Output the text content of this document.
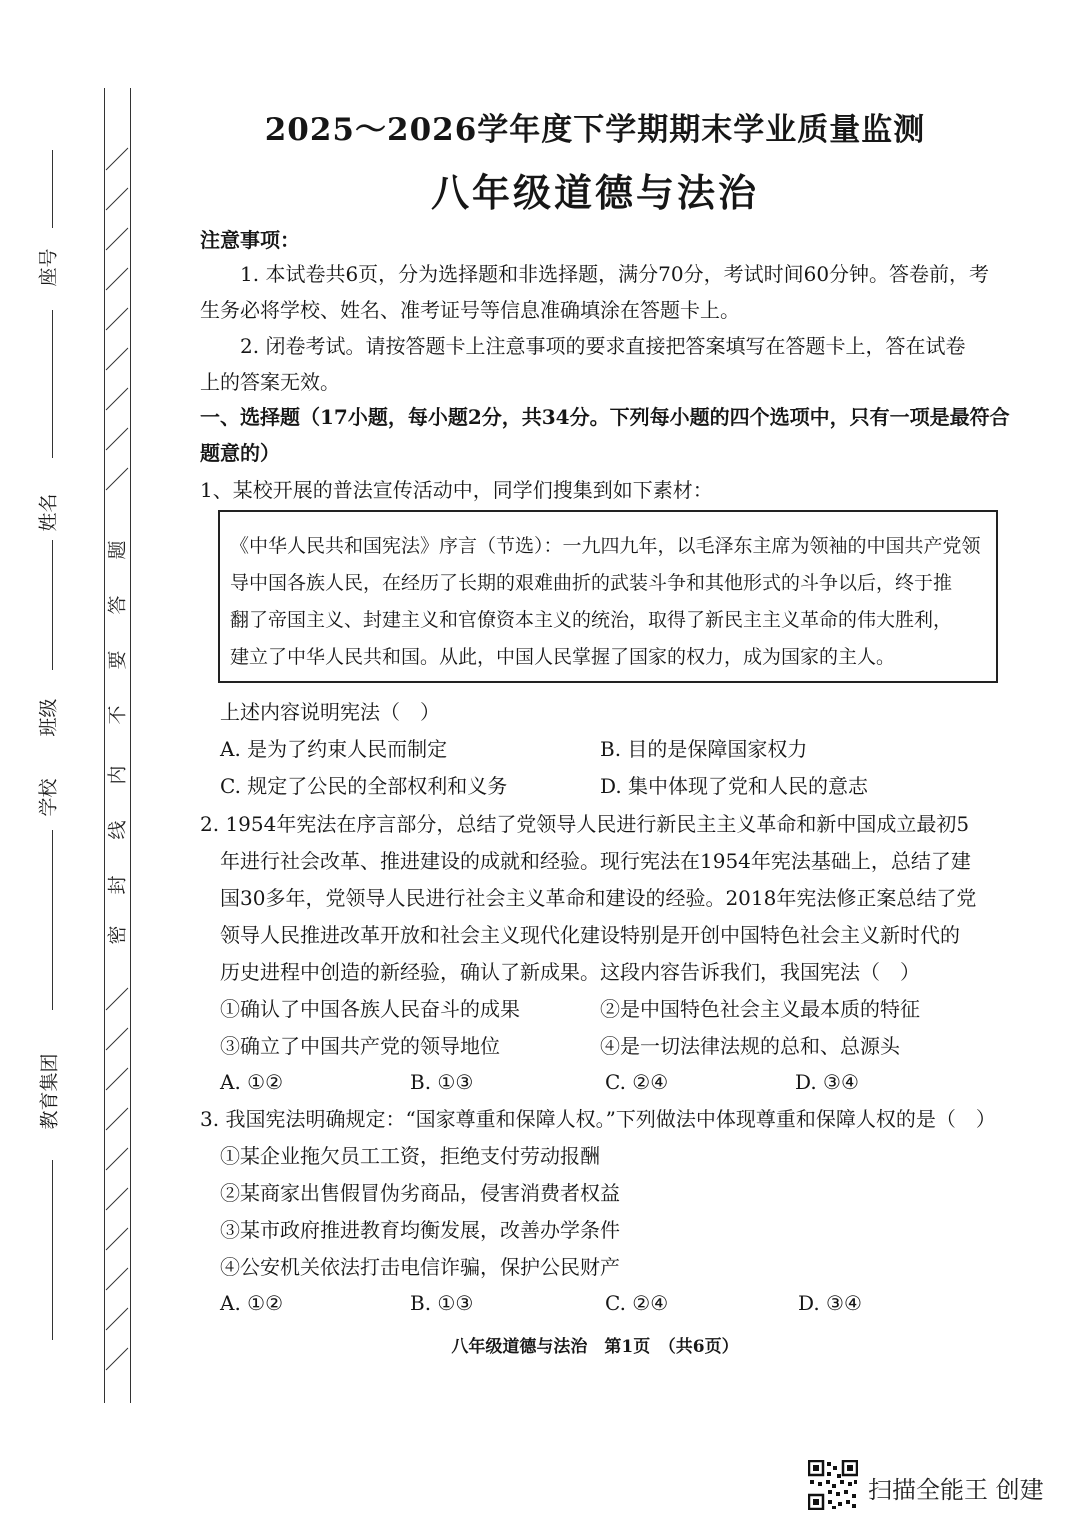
座号
姓名
班级
学校
教育集团
题
答
要
不
内
线
封
密
2025～2026学年度下学期期末学业质量监测
八年级道德与法治
注意事项：
1. 本试卷共6页，分为选择题和非选择题，满分70分，考试时间60分钟。答卷前，考
生务必将学校、姓名、准考证号等信息准确填涂在答题卡上。
2. 闭卷考试。请按答题卡上注意事项的要求直接把答案填写在答题卡上，答在试卷
上的答案无效。
一、选择题（17小题，每小题2分，共34分。下列每小题的四个选项中，只有一项是最符合
题意的）
1、某校开展的普法宣传活动中，同学们搜集到如下素材：
《中华人民共和国宪法》序言（节选）：一九四九年，以毛泽东主席为领袖的中国共产党领
导中国各族人民，在经历了长期的艰难曲折的武装斗争和其他形式的斗争以后，终于推
翻了帝国主义、封建主义和官僚资本主义的统治，取得了新民主主义革命的伟大胜利，
建立了中华人民共和国。从此，中国人民掌握了国家的权力，成为国家的主人。
上述内容说明宪法（　）
A. 是为了约束人民而制定	B. 目的是保障国家权力
C. 规定了公民的全部权利和义务	D. 集中体现了党和人民的意志
2. 1954年宪法在序言部分，总结了党领导人民进行新民主主义革命和新中国成立最初5
年进行社会改革、推进建设的成就和经验。现行宪法在1954年宪法基础上，总结了建
国30多年，党领导人民进行社会主义革命和建设的经验。2018年宪法修正案总结了党
领导人民推进改革开放和社会主义现代化建设特别是开创中国特色社会主义新时代的
历史进程中创造的新经验，确认了新成果。这段内容告诉我们，我国宪法（　）
①确认了中国各族人民奋斗的成果	②是中国特色社会主义最本质的特征
③确立了中国共产党的领导地位	④是一切法律法规的总和、总源头
A. ①②	B. ①③	C. ②④	D. ③④
3. 我国宪法明确规定：“国家尊重和保障人权。”下列做法中体现尊重和保障人权的是（　）
①某企业拖欠员工工资，拒绝支付劳动报酬
②某商家出售假冒伪劣商品，侵害消费者权益
③某市政府推进教育均衡发展，改善办学条件
④公安机关依法打击电信诈骗，保护公民财产
A. ①②	B. ①③	C. ②④	D. ③④
八年级道德与法治　第1页　（共6页）
扫描全能王 创建
